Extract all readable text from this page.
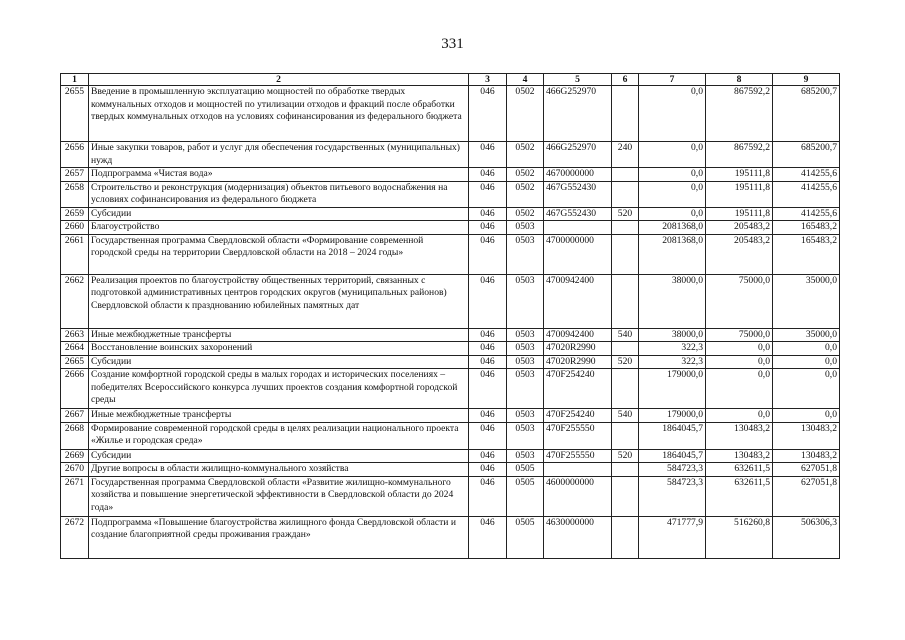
331
1	2	3	4	5	6	7	8	9
2655	Введение в промышленную эксплуатацию мощностей по обработке твердых коммунальных отходов и мощностей по утилизации отходов и фракций после обработки твердых коммунальных отходов на условиях софинансирования из федерального бюджета	046	0502	466G252970		0,0	867592,2	685200,7
2656	Иные закупки товаров, работ и услуг для обеспечения государственных (муниципальных) нужд	046	0502	466G252970	240	0,0	867592,2	685200,7
2657	Подпрограмма «Чистая вода»	046	0502	4670000000		0,0	195111,8	414255,6
2658	Строительство и реконструкция (модернизация) объектов питьевого водоснабжения на условиях софинансирования из федерального бюджета	046	0502	467G552430		0,0	195111,8	414255,6
2659	Субсидии	046	0502	467G552430	520	0,0	195111,8	414255,6
2660	Благоустройство	046	0503			2081368,0	205483,2	165483,2
2661	Государственная программа Свердловской области «Формирование современной городской среды на территории Свердловской области на 2018 – 2024 годы»	046	0503	4700000000		2081368,0	205483,2	165483,2
2662	Реализация проектов по благоустройству общественных территорий, связанных с подготовкой административных центров городских округов (муниципальных районов) Свердловской области к празднованию юбилейных памятных дат	046	0503	4700942400		38000,0	75000,0	35000,0
2663	Иные межбюджетные трансферты	046	0503	4700942400	540	38000,0	75000,0	35000,0
2664	Восстановление воинских захоронений	046	0503	47020R2990		322,3	0,0	0,0
2665	Субсидии	046	0503	47020R2990	520	322,3	0,0	0,0
2666	Создание комфортной городской среды в малых городах и исторических поселениях – победителях Всероссийского конкурса лучших проектов создания комфортной городской среды	046	0503	470F254240		179000,0	0,0	0,0
2667	Иные межбюджетные трансферты	046	0503	470F254240	540	179000,0	0,0	0,0
2668	Формирование современной городской среды в целях реализации национального проекта «Жилье и городская среда»	046	0503	470F255550		1864045,7	130483,2	130483,2
2669	Субсидии	046	0503	470F255550	520	1864045,7	130483,2	130483,2
2670	Другие вопросы в области жилищно-коммунального хозяйства	046	0505			584723,3	632611,5	627051,8
2671	Государственная программа Свердловской области «Развитие жилищно-коммунального хозяйства и повышение энергетической эффективности в Свердловской области до 2024 года»	046	0505	4600000000		584723,3	632611,5	627051,8
2672	Подпрограмма «Повышение благоустройства жилищного фонда Свердловской области и создание благоприятной среды проживания граждан»	046	0505	4630000000		471777,9	516260,8	506306,3
